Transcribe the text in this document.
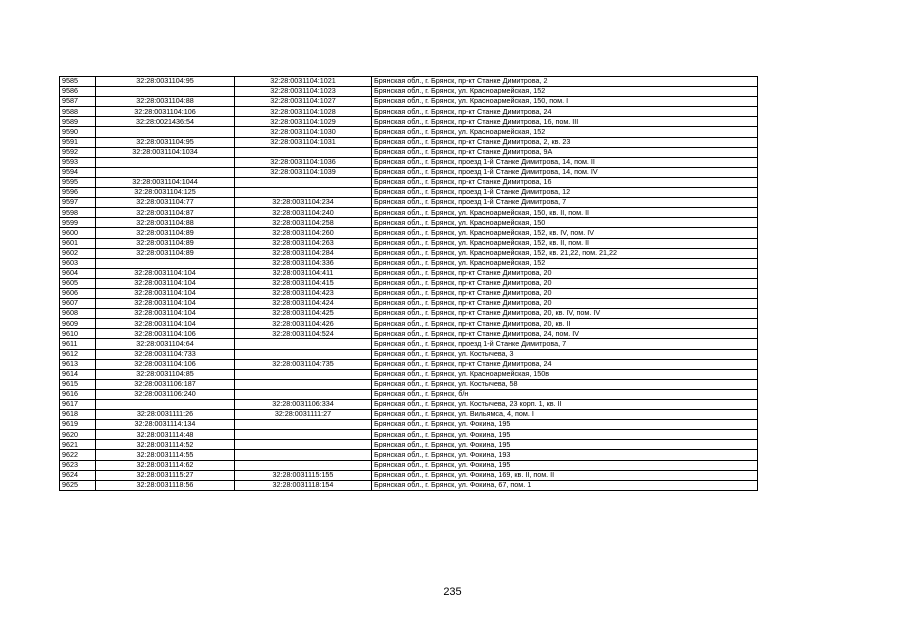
9585	32:28:0031104:95	32:28:0031104:1021	Брянская обл., г. Брянск, пр-кт Станке Димитрова, 2
9586		32:28:0031104:1023	Брянская обл., г. Брянск, ул. Красноармейская, 152
9587	32:28:0031104:88	32:28:0031104:1027	Брянская обл., г. Брянск, ул. Красноармейская, 150, пом. I
9588	32:28:0031104:106	32:28:0031104:1028	Брянская обл., г. Брянск, пр-кт Станке Димитрова, 24
9589	32:28:0021436:54	32:28:0031104:1029	Брянская обл., г. Брянск, пр-кт Станке Димитрова, 16, пом. III
9590		32:28:0031104:1030	Брянская обл., г. Брянск, ул. Красноармейская, 152
9591	32:28:0031104:95	32:28:0031104:1031	Брянская обл., г. Брянск, пр-кт Станке Димитрова, 2, кв. 23
9592	32:28:0031104:1034		Брянская обл., г. Брянск, пр-кт Станке Димитрова, 9А
9593		32:28:0031104:1036	Брянская обл., г. Брянск, проезд 1-й Станке Димитрова, 14, пом. II
9594		32:28:0031104:1039	Брянская обл., г. Брянск, проезд 1-й Станке Димитрова, 14, пом. IV
9595	32:28:0031104:1044		Брянская обл., г. Брянск, пр-кт Станке Димитрова, 16
9596	32:28:0031104:125		Брянская обл., г. Брянск, проезд 1-й Станке Димитрова, 12
9597	32:28:0031104:77	32:28:0031104:234	Брянская обл., г. Брянск, проезд 1-й Станке Димитрова, 7
9598	32:28:0031104:87	32:28:0031104:240	Брянская обл., г. Брянск, ул. Красноармейская, 150, кв. II, пом. II
9599	32:28:0031104:88	32:28:0031104:258	Брянская обл., г. Брянск, ул. Красноармейская, 150
9600	32:28:0031104:89	32:28:0031104:260	Брянская обл., г. Брянск, ул. Красноармейская, 152, кв. IV, пом. IV
9601	32:28:0031104:89	32:28:0031104:263	Брянская обл., г. Брянск, ул. Красноармейская, 152, кв. II, пом. II
9602	32:28:0031104:89	32:28:0031104:284	Брянская обл., г. Брянск, ул. Красноармейская, 152, кв. 21,22, пом. 21,22
9603		32:28:0031104:336	Брянская обл., г. Брянск, ул. Красноармейская, 152
9604	32:28:0031104:104	32:28:0031104:411	Брянская обл., г. Брянск, пр-кт Станке Димитрова, 20
9605	32:28:0031104:104	32:28:0031104:415	Брянская обл., г. Брянск, пр-кт Станке Димитрова, 20
9606	32:28:0031104:104	32:28:0031104:423	Брянская обл., г. Брянск, пр-кт Станке Димитрова, 20
9607	32:28:0031104:104	32:28:0031104:424	Брянская обл., г. Брянск, пр-кт Станке Димитрова, 20
9608	32:28:0031104:104	32:28:0031104:425	Брянская обл., г. Брянск, пр-кт Станке Димитрова, 20, кв. IV, пом. IV
9609	32:28:0031104:104	32:28:0031104:426	Брянская обл., г. Брянск, пр-кт Станке Димитрова, 20, кв. II
9610	32:28:0031104:106	32:28:0031104:524	Брянская обл., г. Брянск, пр-кт Станке Димитрова, 24, пом. IV
9611	32:28:0031104:64		Брянская обл., г. Брянск, проезд 1-й Станке Димитрова, 7
9612	32:28:0031104:733		Брянская обл., г. Брянск, ул. Костычева, 3
9613	32:28:0031104:106	32:28:0031104:735	Брянская обл., г. Брянск, пр-кт Станке Димитрова, 24
9614	32:28:0031104:85		Брянская обл., г. Брянск, ул. Красноармейская, 150в
9615	32:28:0031106:187		Брянская обл., г. Брянск, ул. Костычева, 58
9616	32:28:0031106:240		Брянская обл., г. Брянск, б/н
9617		32:28:0031106:334	Брянская обл., г. Брянск, ул. Костычева, 23 корп. 1, кв. II
9618	32:28:0031111:26	32:28:0031111:27	Брянская обл., г. Брянск, ул. Вильямса, 4, пом. I
9619	32:28:0031114:134		Брянская обл., г. Брянск, ул. Фокина, 195
9620	32:28:0031114:48		Брянская обл., г. Брянск, ул. Фокина, 195
9621	32:28:0031114:52		Брянская обл., г. Брянск, ул. Фокина, 195
9622	32:28:0031114:55		Брянская обл., г. Брянск, ул. Фокина, 193
9623	32:28:0031114:62		Брянская обл., г. Брянск, ул. Фокина, 195
9624	32:28:0031115:27	32:28:0031115:155	Брянская обл., г. Брянск, ул. Фокина, 169, кв. II, пом. II
9625	32:28:0031118:56	32:28:0031118:154	Брянская обл., г. Брянск, ул. Фокина, 67, пом. 1
235
